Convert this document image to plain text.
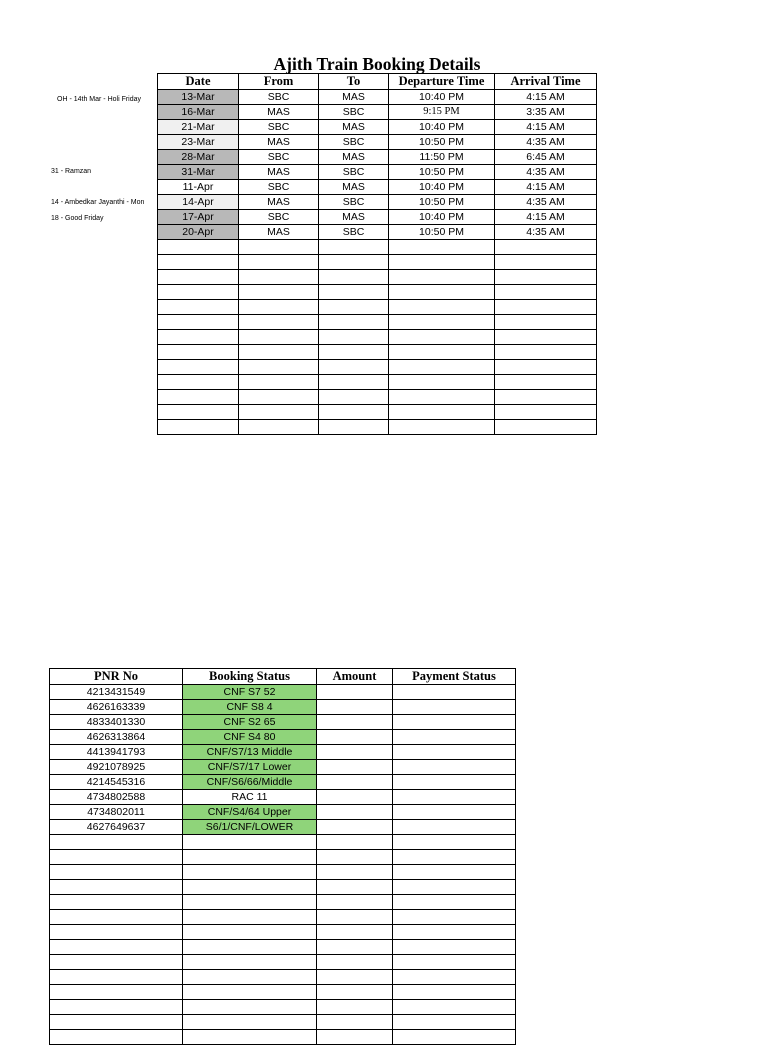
Ajith Train Booking Details
Date	From	To	Departure Time	Arrival Time
13-Mar	SBC	MAS	10:40 PM	4:15 AM
16-Mar	MAS	SBC	9:15 PM	3:35 AM
21-Mar	SBC	MAS	10:40 PM	4:15 AM
23-Mar	MAS	SBC	10:50 PM	4:35 AM
28-Mar	SBC	MAS	11:50 PM	6:45 AM
31-Mar	MAS	SBC	10:50 PM	4:35 AM
11-Apr	SBC	MAS	10:40 PM	4:15 AM
14-Apr	MAS	SBC	10:50 PM	4:35 AM
17-Apr	SBC	MAS	10:40 PM	4:15 AM
20-Apr	MAS	SBC	10:50 PM	4:35 AM

OH - 14th Mar - Holi Friday
31 - Ramzan
14 - Ambedkar Jayanthi - Mon
18 - Good Friday
PNR No	Booking Status	Amount	Payment Status
4213431549	CNF S7 52		
4626163339	CNF S8 4		
4833401330	CNF S2 65		
4626313864	CNF S4 80		
4413941793	CNF/S7/13 Middle		
4921078925	CNF/S7/17 Lower		
4214545316	CNF/S6/66/Middle		
4734802588	RAC 11		
4734802011	CNF/S4/64 Upper		
4627649637	S6/1/CNF/LOWER		
